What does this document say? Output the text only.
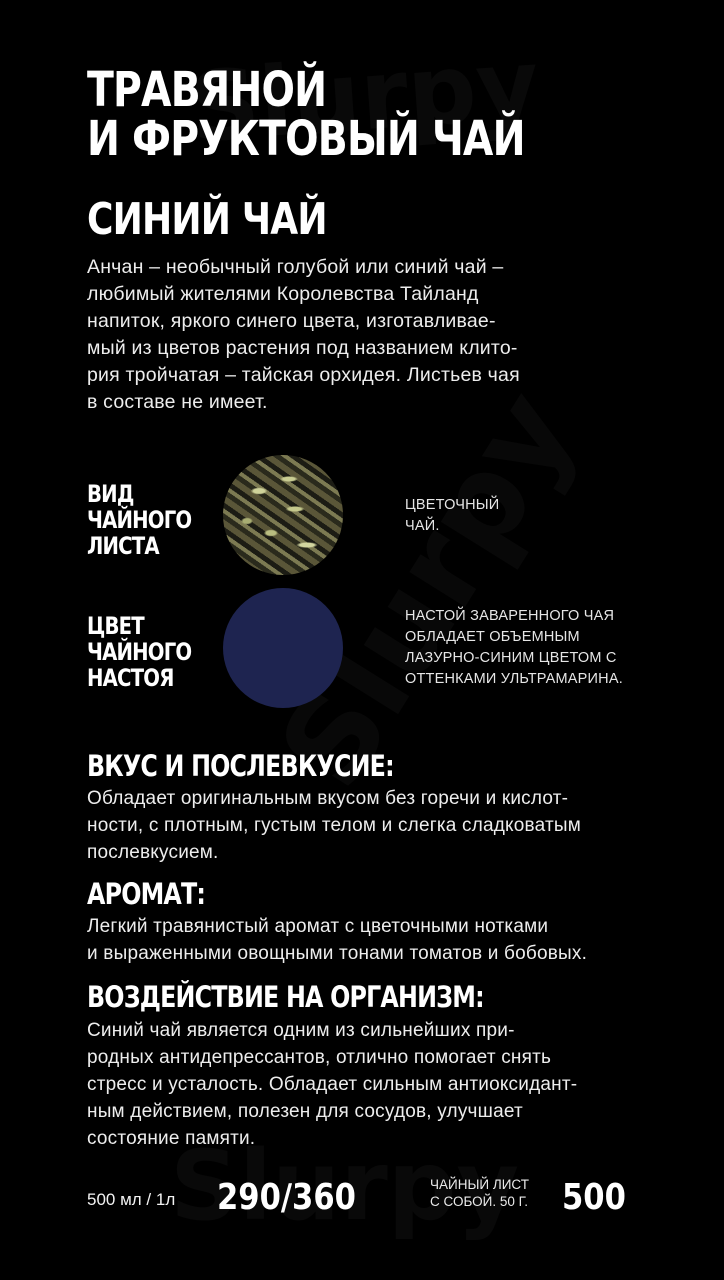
ТРАВЯНОЙ
И ФРУКТОВЫЙ ЧАЙ
СИНИЙ ЧАЙ
Анчан – необычный голубой или синий чай –
любимый жителями Королевства Тайланд
напиток, яркого синего цвета, изготавливае-
мый из цветов растения под названием клито-
рия тройчатая – тайская орхидея. Листьев чая
в составе не имеет.
ВИД
ЧАЙНОГО
ЛИСТА
ЦВЕТОЧНЫЙ
ЧАЙ.
ЦВЕТ
ЧАЙНОГО
НАСТОЯ
НАСТОЙ ЗАВАРЕННОГО ЧАЯ
ОБЛАДАЕТ ОБЪЕМНЫМ
ЛАЗУРНО-СИНИМ ЦВЕТОМ С
ОТТЕНКАМИ УЛЬТРАМАРИНА.
ВКУС И ПОСЛЕВКУСИЕ:
Обладает оригинальным вкусом без горечи и кислот-
ности, с плотным, густым телом и слегка сладковатым
послевкусием.
АРОМАТ:
Легкий травянистый аромат с цветочными нотками
и выраженными овощными тонами томатов и бобовых.
ВОЗДЕЙСТВИЕ НА ОРГАНИЗМ:
Синий чай является одним из сильнейших при-
родных антидепрессантов, отлично помогает снять
стресс и усталость. Обладает сильным антиоксидант-
ным действием, полезен для сосудов, улучшает
состояние памяти.
500 мл / 1л 290/360	ЧАЙНЫЙ ЛИСТ
С СОБОЙ. 50 Г. 500
